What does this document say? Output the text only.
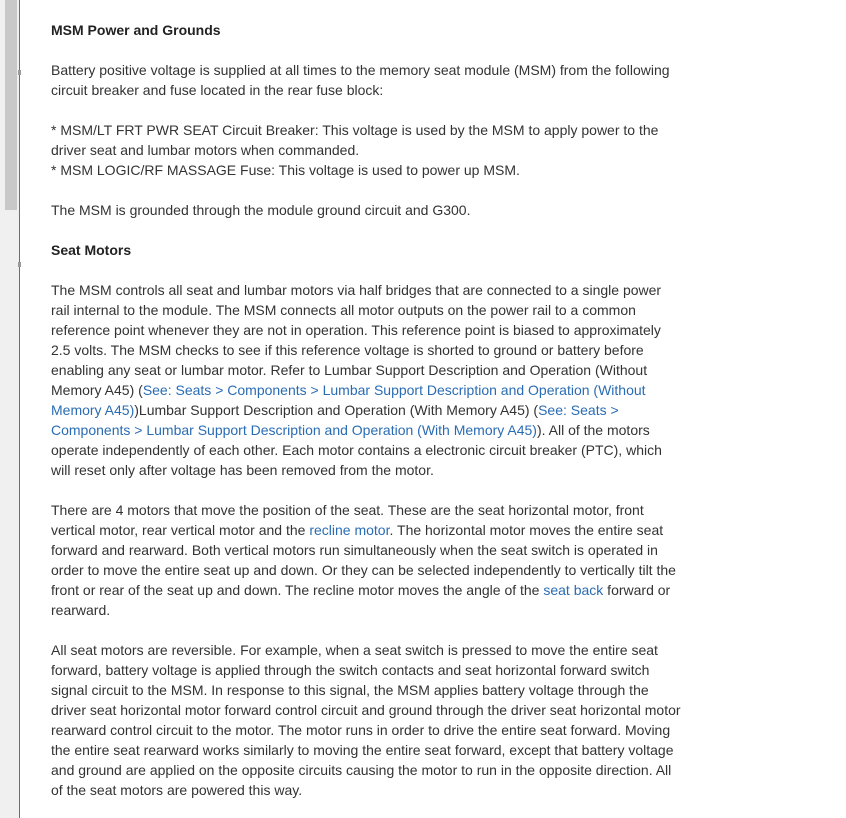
MSM Power and Grounds

Battery positive voltage is supplied at all times to the memory seat module (MSM) from the following circuit breaker and fuse located in the rear fuse block:

* MSM/LT FRT PWR SEAT Circuit Breaker: This voltage is used by the MSM to apply power to the driver seat and lumbar motors when commanded.
* MSM LOGIC/RF MASSAGE Fuse: This voltage is used to power up MSM.

The MSM is grounded through the module ground circuit and G300.

Seat Motors

The MSM controls all seat and lumbar motors via half bridges that are connected to a single power rail internal to the module. The MSM connects all motor outputs on the power rail to a common reference point whenever they are not in operation. This reference point is biased to approximately 2.5 volts. The MSM checks to see if this reference voltage is shorted to ground or battery before enabling any seat or lumbar motor. Refer to Lumbar Support Description and Operation (Without Memory A45) (See: Seats > Components > Lumbar Support Description and Operation (Without Memory A45))Lumbar Support Description and Operation (With Memory A45) (See: Seats > Components > Lumbar Support Description and Operation (With Memory A45)). All of the motors operate independently of each other. Each motor contains a electronic circuit breaker (PTC), which will reset only after voltage has been removed from the motor.

There are 4 motors that move the position of the seat. These are the seat horizontal motor, front vertical motor, rear vertical motor and the recline motor. The horizontal motor moves the entire seat forward and rearward. Both vertical motors run simultaneously when the seat switch is operated in order to move the entire seat up and down. Or they can be selected independently to vertically tilt the front or rear of the seat up and down. The recline motor moves the angle of the seat back forward or rearward.

All seat motors are reversible. For example, when a seat switch is pressed to move the entire seat forward, battery voltage is applied through the switch contacts and seat horizontal forward switch signal circuit to the MSM. In response to this signal, the MSM applies battery voltage through the driver seat horizontal motor forward control circuit and ground through the driver seat horizontal motor rearward control circuit to the motor. The motor runs in order to drive the entire seat forward. Moving the entire seat rearward works similarly to moving the entire seat forward, except that battery voltage and ground are applied on the opposite circuits causing the motor to run in the opposite direction. All of the seat motors are powered this way.
